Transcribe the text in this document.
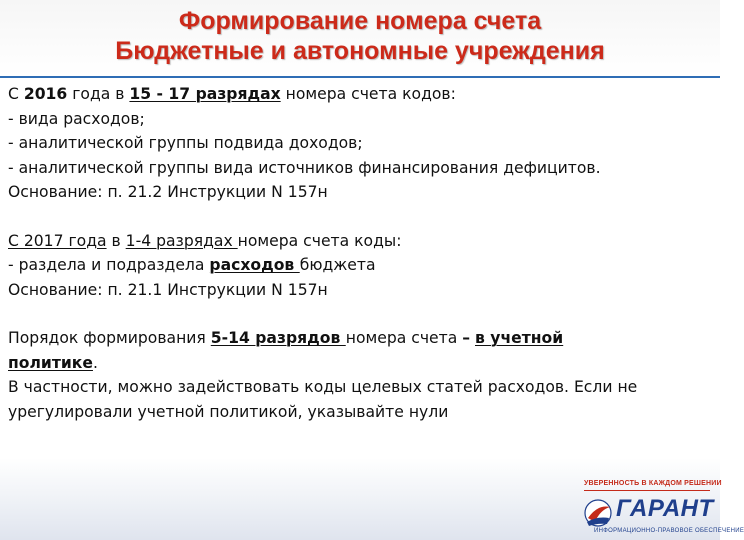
Формирование номера счета
Бюджетные и автономные учреждения

С 2016 года в 15 - 17 разрядах номера счета кодов:

- вида расходов;

- аналитической группы подвида доходов;

- аналитической группы вида источников финансирования дефицитов.

Основание: п. 21.2 Инструкции N 157н

С 2017 года в 1-4 разрядах номера счета коды:

- раздела и подраздела расходов бюджета

Основание: п. 21.1 Инструкции N 157н

Порядок формирования 5-14 разрядов номера счета – в учетной

политике.

В частности, можно задействовать коды целевых статей расходов. Если не урегулировали учетной политикой, указывайте нули

УВЕРЕННОСТЬ В КАЖДОМ РЕШЕНИИ
ГАРАНТ
ИНФОРМАЦИОННО-ПРАВОВОЕ ОБЕСПЕЧЕНИЕ
